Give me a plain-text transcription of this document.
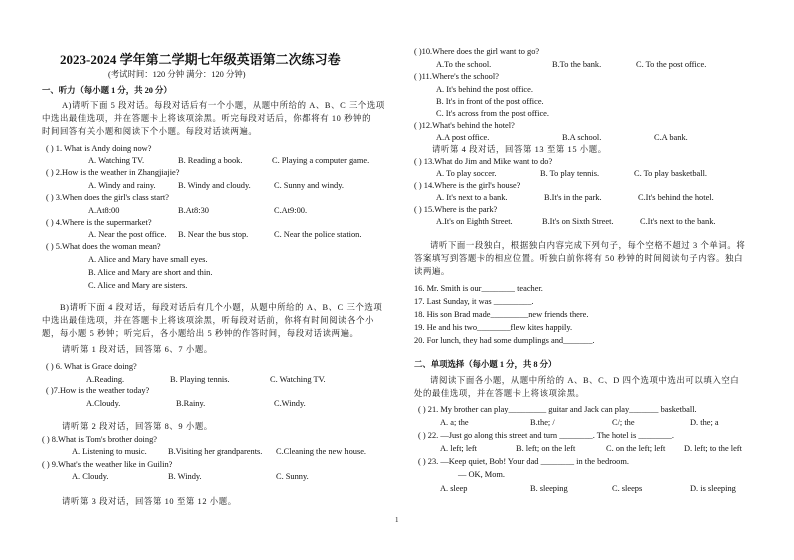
2023-2024 学年第二学期七年级英语第二次练习卷
(考试时间：120 分钟 满分：120 分钟)
一、听力（每小题 1 分，共 20 分）
A)请听下面 5 段对话。每段对话后有一个小题，从题中所给的 A、B、C 三个选项
中选出最佳选项，并在答题卡上将该项涂黑。听完每段对话后，你都将有 10 秒钟的
时间回答有关小题和阅读下个小题。每段对话读两遍。
( ) 1. What is Andy doing now?
A. Watching TV.	B. Reading a book.	C. Playing a computer game.
( ) 2.How is the weather in Zhangjiajie?
A. Windy and rainy.	B. Windy and cloudy.	C. Sunny and windy.
( ) 3.When does the girl's class start?
A.At8:00	B.At8:30	C.At9:00.
( ) 4.Where is the supermarket?
A. Near the post office. B. Near the bus stop.	C. Near the police station.
( ) 5.What does the woman mean?
A. Alice and Mary have small eyes.
B. Alice and Mary are short and thin.
C. Alice and Mary are sisters.
B)请听下面 4 段对话，每段对话后有几个小题，从题中所给的 A、B、C 三个选项
中选出最佳选项，并在答题卡上将该项涂黑，听每段对话前，你将有时间阅读各个小
题，每小题 5 秒钟；听完后，各小题给出 5 秒钟的作答时间，每段对话读两遍。
请听第 1 段对话，回答第 6、7 小题。
( ) 6. What is Grace doing?
A.Reading.	B. Playing tennis.	C. Watching TV.
( )7.How is the weather today?
A.Cloudy.	B.Rainy.	C.Windy.
请听第 2 段对话，回答第 8、9 小题。
( ) 8.What is Tom's brother doing?
A. Listening to music.	B.Visiting her grandparents. C.Cleaning the new house.
( ) 9.What's the weather like in Guilin?
A. Cloudy.	B. Windy.	C. Sunny.
请听第 3 段对话，回答第 10 至第 12 小题。
( )10.Where does the girl want to go?
A.To the school.	B.To the bank.	C. To the post office.
( )11.Where's the school?
A. It's behind the post office.
B. It's in front of the post office.
C. It's across from the post office.
( )12.What's behind the hotel?
A.A post office.	B.A school.	C.A bank.
请听第 4 段对话，回答第 13 至第 15 小题。
( ) 13.What do Jim and Mike want to do?
A. To play soccer.	B. To play tennis.	C. To play basketball.
( ) 14.Where is the girl's house?
A. It's next to a bank.	B.It's in the park.	C.It's behind the hotel.
( ) 15.Where is the park?
A.It's on Eighth Street.	B.It's on Sixth Street.	C.It's next to the bank.
请听下面一段独白，根据独白内容完成下列句子，每个空格不超过 3 个单词。将
答案填写到答题卡的相应位置。听独白前你将有 50 秒钟的时间阅读句子内容。独白
读两遍。
16. Mr. Smith is our________ teacher.
17. Last Sunday, it was _________.
18. His son Brad made_________new friends there.
19. He and his two________flew kites happily.
20. For lunch, they had some dumplings and_______.
二、单项选择（每小题 1 分，共 8 分）
请阅读下面各小题，从题中所给的 A、B、C、D 四个选项中选出可以填入空白
处的最佳选项，并在答题卡上将该项涂黑。
( ) 21. My brother can play_________ guitar and Jack can play_______ basketball.
A. a; the	B.the; /	C/; the	D. the; a
( ) 22. —Just go along this street and turn ________. The hotel is ________.
A. left; left	B. left; on the left	C. on the left; left D. left; to the left
( ) 23. —Keep quiet, Bob! Your dad ________ in the bedroom.
— OK, Mom.
A. sleep	B. sleeping	C. sleeps	D. is sleeping
1
